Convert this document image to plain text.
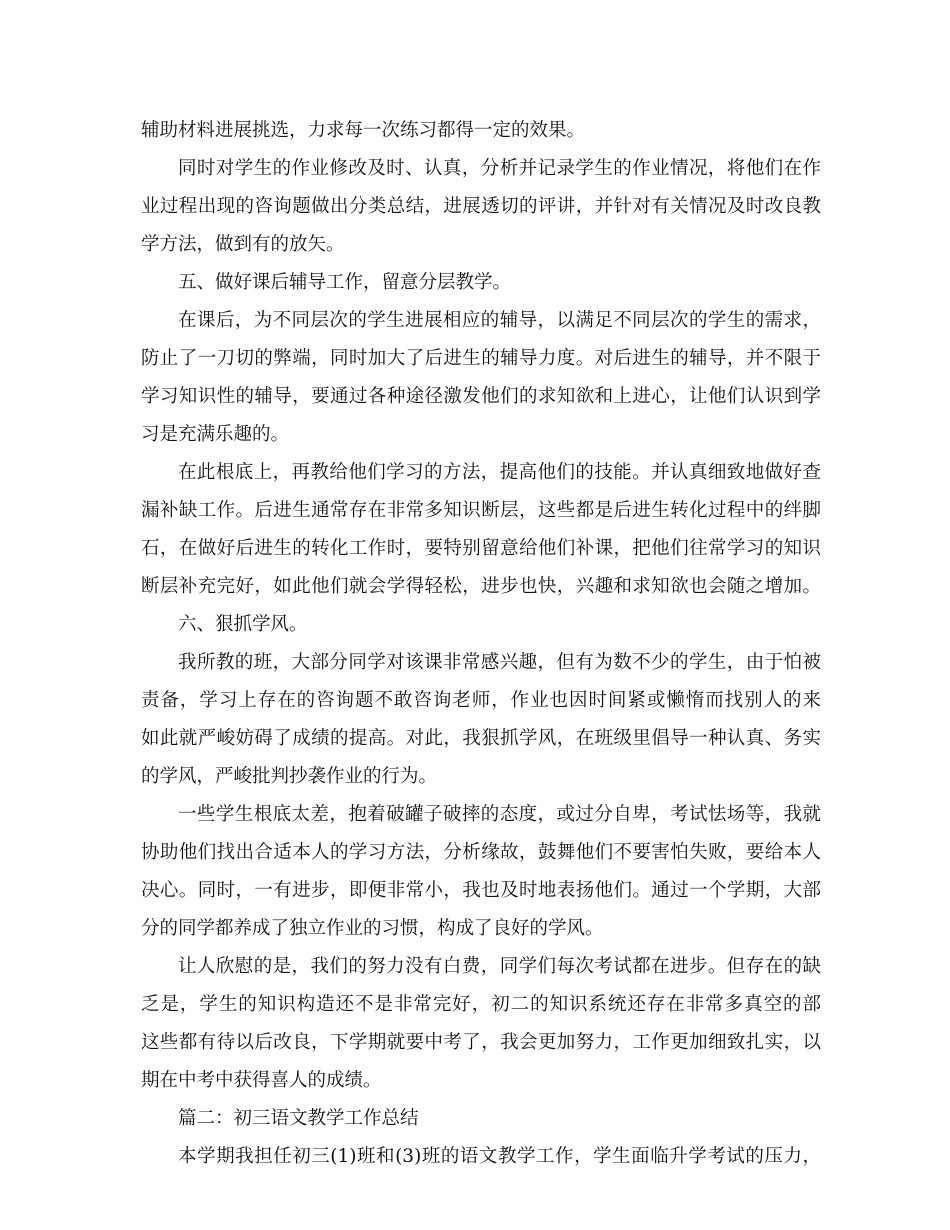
辅助材料进展挑选，力求每一次练习都得一定的效果。
同时对学生的作业修改及时、认真，分析并记录学生的作业情况，将他们在作
业过程出现的咨询题做出分类总结，进展透切的评讲，并针对有关情况及时改良教
学方法，做到有的放矢。
五、做好课后辅导工作，留意分层教学。
在课后，为不同层次的学生进展相应的辅导，以满足不同层次的学生的需求，
防止了一刀切的弊端，同时加大了后进生的辅导力度。对后进生的辅导，并不限于
学习知识性的辅导，要通过各种途径激发他们的求知欲和上进心，让他们认识到学
习是充满乐趣的。
在此根底上，再教给他们学习的方法，提高他们的技能。并认真细致地做好查
漏补缺工作。后进生通常存在非常多知识断层，这些都是后进生转化过程中的绊脚
石，在做好后进生的转化工作时，要特别留意给他们补课，把他们往常学习的知识
断层补充完好，如此他们就会学得轻松，进步也快，兴趣和求知欲也会随之增加。
六、狠抓学风。
我所教的班，大部分同学对该课非常感兴趣，但有为数不少的学生，由于怕被
责备，学习上存在的咨询题不敢咨询老师，作业也因时间紧或懒惰而找别人的来
如此就严峻妨碍了成绩的提高。对此，我狠抓学风，在班级里倡导一种认真、务实
的学风，严峻批判抄袭作业的行为。
一些学生根底太差，抱着破罐子破摔的态度，或过分自卑，考试怯场等，我就
协助他们找出合适本人的学习方法，分析缘故，鼓舞他们不要害怕失败，要给本人
决心。同时，一有进步，即便非常小，我也及时地表扬他们。通过一个学期，大部
分的同学都养成了独立作业的习惯，构成了良好的学风。
让人欣慰的是，我们的努力没有白费，同学们每次考试都在进步。但存在的缺
乏是，学生的知识构造还不是非常完好，初二的知识系统还存在非常多真空的部
这些都有待以后改良，下学期就要中考了，我会更加努力，工作更加细致扎实，以
期在中考中获得喜人的成绩。
篇二：初三语文教学工作总结
本学期我担任初三(1)班和(3)班的语文教学工作，学生面临升学考试的压力，
